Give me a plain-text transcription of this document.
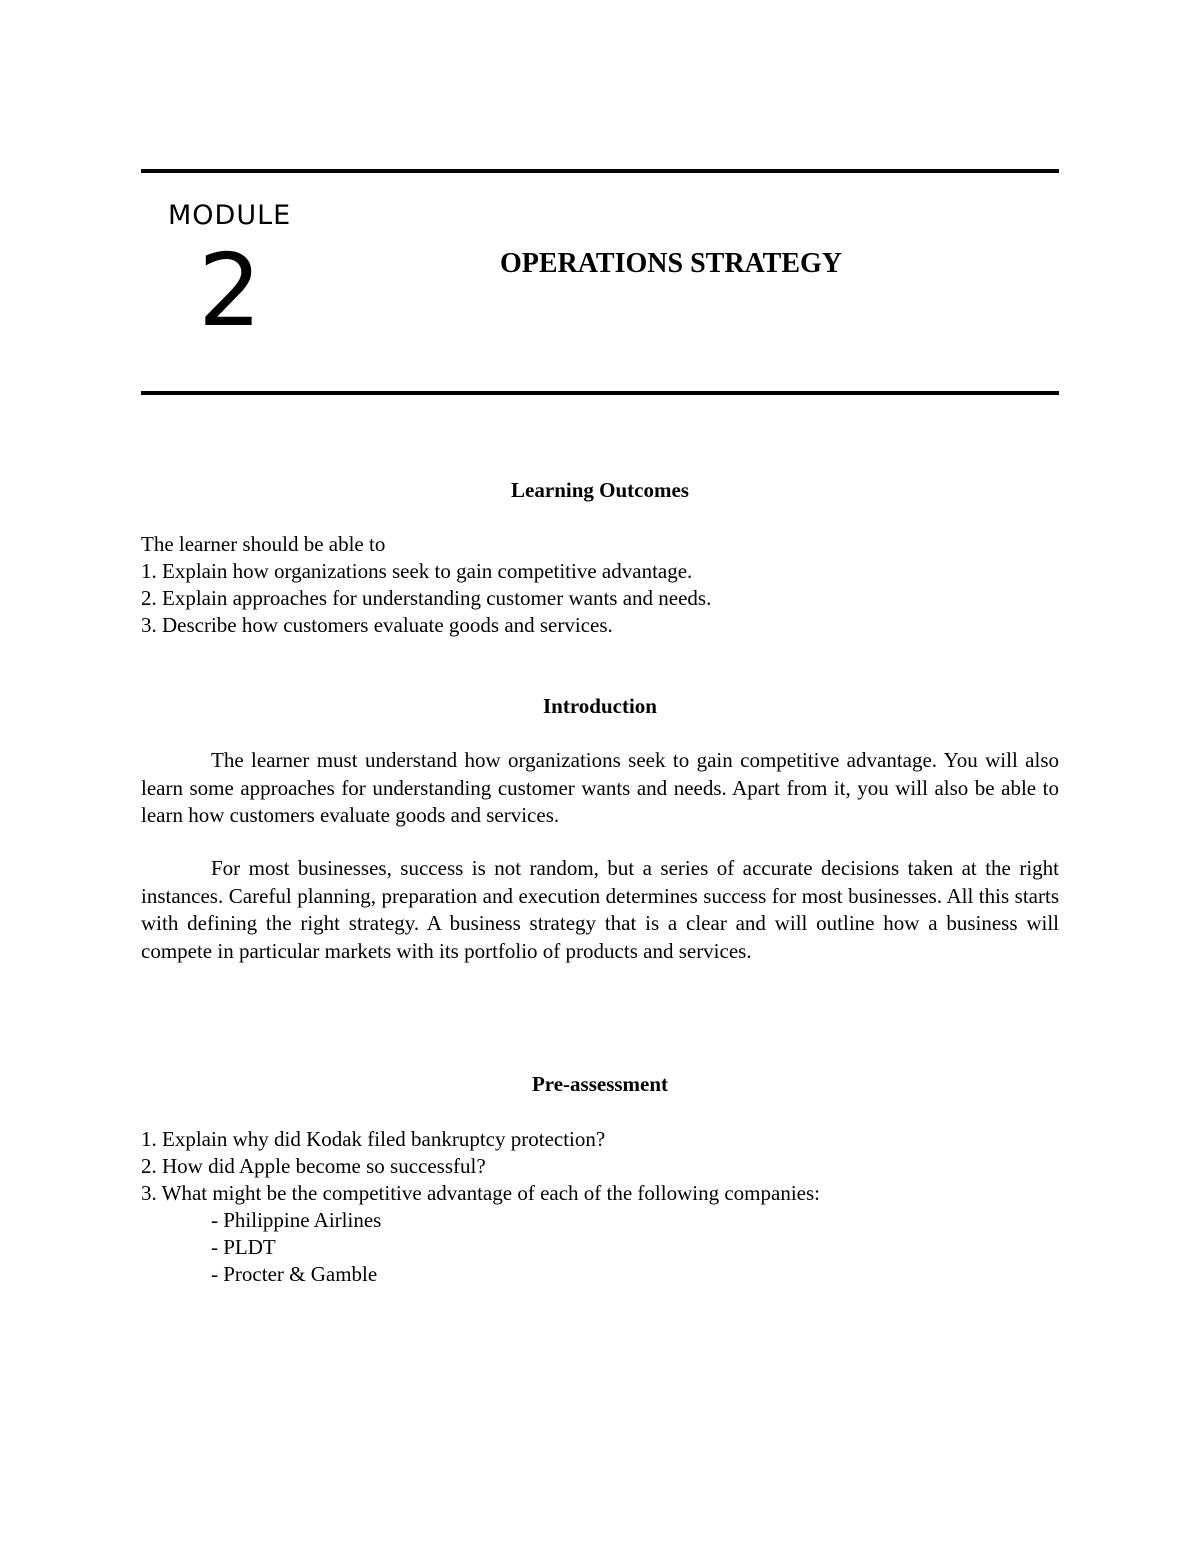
MODULE
2	OPERATIONS STRATEGY
Learning Outcomes
The learner should be able to
1. Explain how organizations seek to gain competitive advantage.
2. Explain approaches for understanding customer wants and needs.
3. Describe how customers evaluate goods and services.
Introduction

The learner must understand how organizations seek to gain competitive advantage. You will also learn some approaches for understanding customer wants and needs. Apart from it, you will also be able to learn how customers evaluate goods and services.

For most businesses, success is not random, but a series of accurate decisions taken at the right instances. Careful planning, preparation and execution determines success for most businesses. All this starts with defining the right strategy. A business strategy that is a clear and will outline how a business will compete in particular markets with its portfolio of products and services.

Pre-assessment
1. Explain why did Kodak filed bankruptcy protection?
2. How did Apple become so successful?
3. What might be the competitive advantage of each of the following companies:
- Philippine Airlines
- PLDT
- Procter & Gamble
